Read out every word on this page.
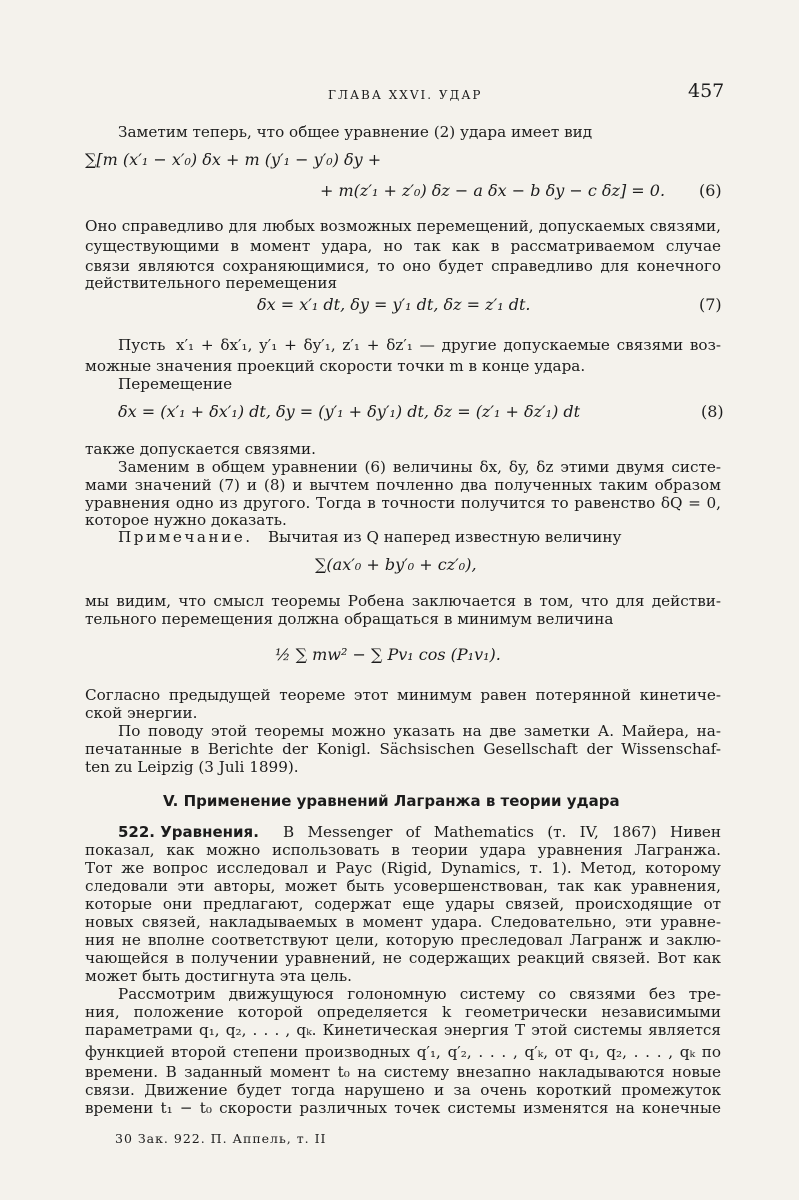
ГЛАВА XXVI. УДАР	457
Заметим теперь, что общее уравнение (2) удара имеет вид
∑[m (x′₁ − x′₀) δx + m (y′₁ − y′₀) δy +
+ m(z′₁ + z′₀) δz − a δx − b δy − c δz] = 0. (6)
Оно справедливо для любых возможных перемещений, допускаемых связями,
существующими в момент удара, но так как в рассматриваемом случае
связи являются сохраняющимися, то оно будет справедливо для конечного
действительного перемещения
δx = x′₁ dt, δy = y′₁ dt, δz = z′₁ dt.	(7)
Пусть x′₁ + δx′₁, y′₁ + δy′₁, z′₁ + δz′₁ — другие допускаемые связями воз-
можные значения проекций скорости точки m в конце удара.
Перемещение
δx = (x′₁ + δx′₁) dt, δy = (y′₁ + δy′₁) dt, δz = (z′₁ + δz′₁) dt	(8)
также допускается связями.
Заменим в общем уравнении (6) величины δx, δy, δz этими двумя систе-
мами значений (7) и (8) и вычтем почленно два полученных таким образом
уравнения одно из другого. Тогда в точности получится то равенство δQ = 0,
которое нужно доказать.
Примечание. Вычитая из Q наперед известную величину
∑(ax′₀ + by′₀ + cz′₀),
мы видим, что смысл теоремы Робена заключается в том, что для действи-
тельного перемещения должна обращаться в минимум величина
½ ∑ mw² − ∑ Pv₁ cos (P₁v₁).
Согласно предыдущей теореме этот минимум равен потерянной кинетиче-
ской энергии.
По поводу этой теоремы можно указать на две заметки А. Майера, на-
печатанные в Berichte der Konigl. Sächsischen Gesellschaft der Wissenschaf-
ten zu Leipzig (3 Juli 1899).
V. Применение уравнений Лагранжа в теории удара
522. Уравнения. В Messenger of Mathematics (т. IV, 1867) Нивен
показал, как можно использовать в теории удара уравнения Лагранжа.
Тот же вопрос исследовал и Раус (Rigid, Dynamics, т. 1). Метод, которому
следовали эти авторы, может быть усовершенствован, так как уравнения,
которые они предлагают, содержат еще удары связей, происходящие от
новых связей, накладываемых в момент удара. Следовательно, эти уравне-
ния не вполне соответствуют цели, которую преследовал Лагранж и заклю-
чающейся в получении уравнений, не содержащих реакций связей. Вот как
может быть достигнута эта цель.
Рассмотрим движущуюся голономную систему со связями без тре-
ния, положение которой определяется k геометрически независимыми
параметрами q₁, q₂, . . . , qₖ. Кинетическая энергия T этой системы является
функцией второй степени производных q′₁, q′₂, . . . , q′ₖ, от q₁, q₂, . . . , qₖ по
времени. В заданный момент t₀ на систему внезапно накладываются новые
связи. Движение будет тогда нарушено и за очень короткий промежуток
времени t₁ − t₀ скорости различных точек системы изменятся на конечные
30 Зак. 922. П. Аппель, т. II
